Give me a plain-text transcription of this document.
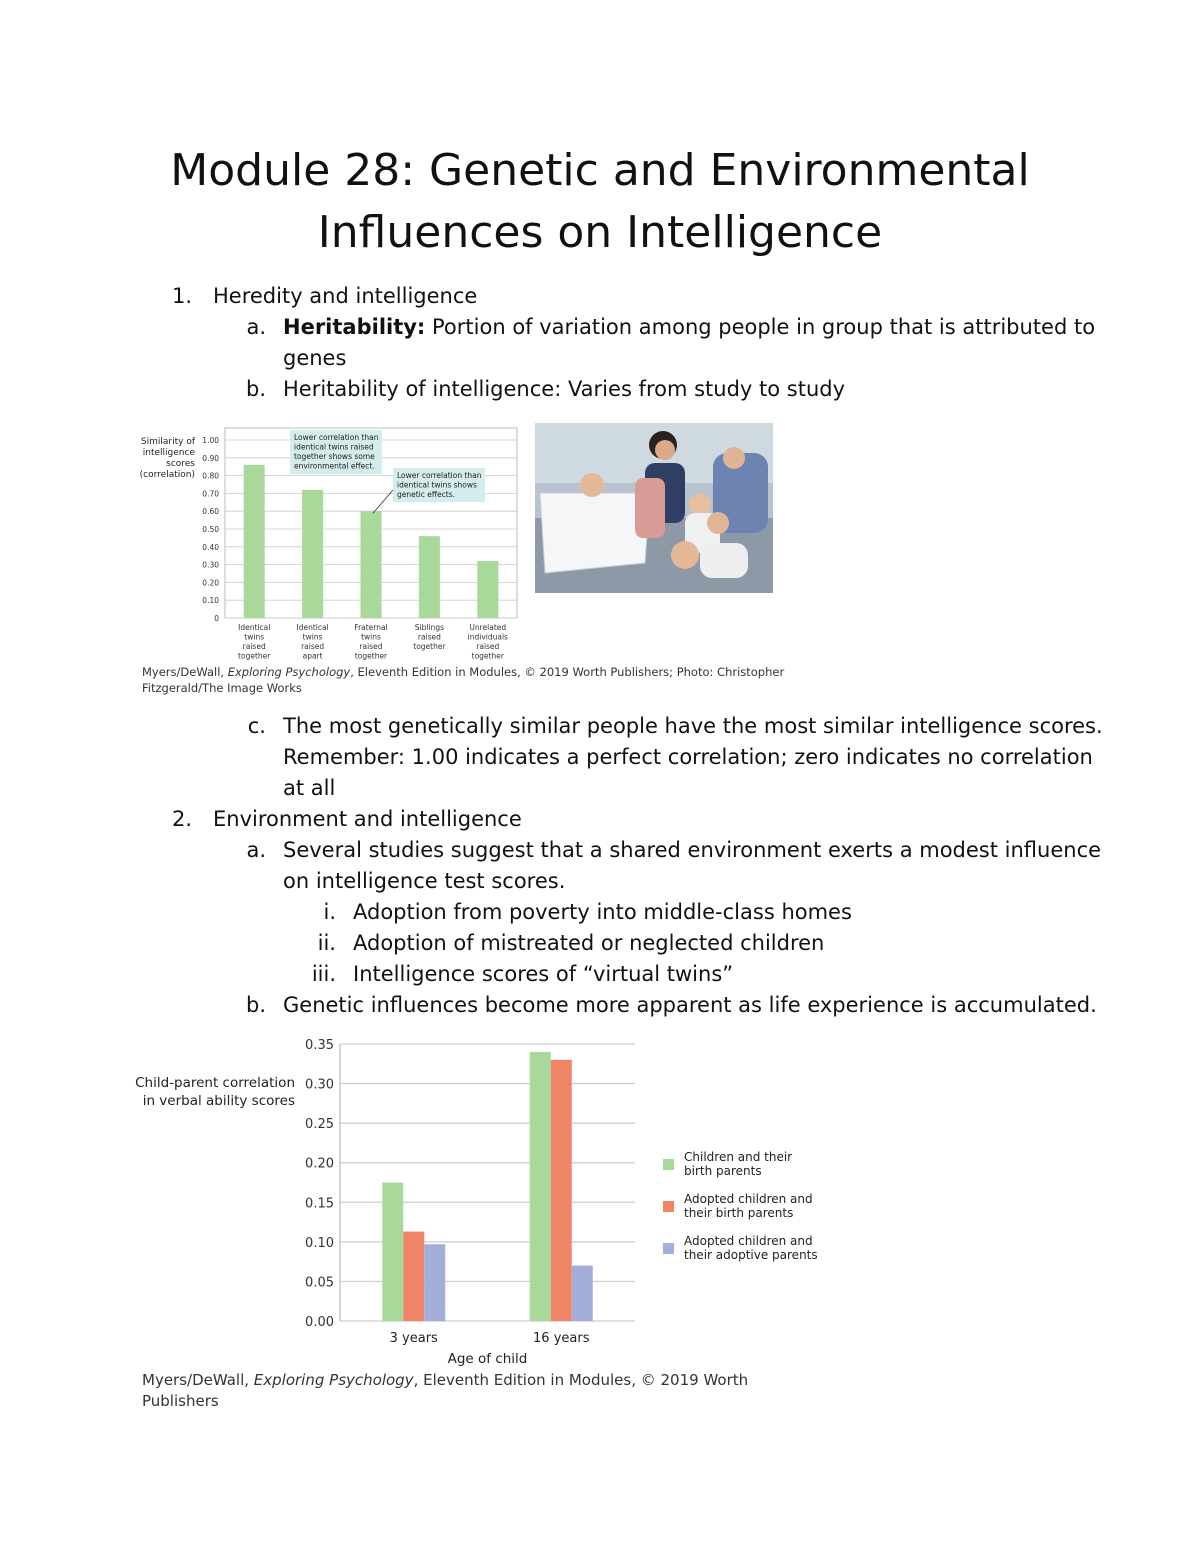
Module 28: Genetic and Environmental
Influences on Intelligence
1. Heredity and intelligence
a. Heritability: Portion of variation among people in group that is attributed to
genes
b. Heritability of intelligence: Varies from study to study
0
0.10
0.20
0.30
0.40
0.50
0.60
0.70
0.80
0.90
1.00
Similarity of
intelligence
scores
(correlation)
Identical
twins
raised
together
Identical
twins
raised
apart
Fraternal
twins
raised
together
Siblings
raised
together
Unrelated
individuals
raised
together
Lower correlation than
identical twins raised
together shows some
environmental effect.
Lower correlation than
identical twins shows
genetic effects.
Myers/DeWall, Exploring Psychology, Eleventh Edition in Modules, © 2019 Worth Publishers; Photo: Christopher
Fitzgerald/The Image Works
c. The most genetically similar people have the most similar intelligence scores.
Remember: 1.00 indicates a perfect correlation; zero indicates no correlation
at all
2. Environment and intelligence
a. Several studies suggest that a shared environment exerts a modest influence
on intelligence test scores.
i. Adoption from poverty into middle-class homes
ii. Adoption of mistreated or neglected children
iii. Intelligence scores of “virtual twins”
b. Genetic influences become more apparent as life experience is accumulated.
0.00
0.05
0.10
0.15
0.20
0.25
0.30
0.35
Child-parent correlation
in verbal ability scores
3 years	16 years
Age of child
Children and their
birth parents
Adopted children and
their birth parents
Adopted children and
their adoptive parents
Myers/DeWall, Exploring Psychology, Eleventh Edition in Modules, © 2019 Worth
Publishers
